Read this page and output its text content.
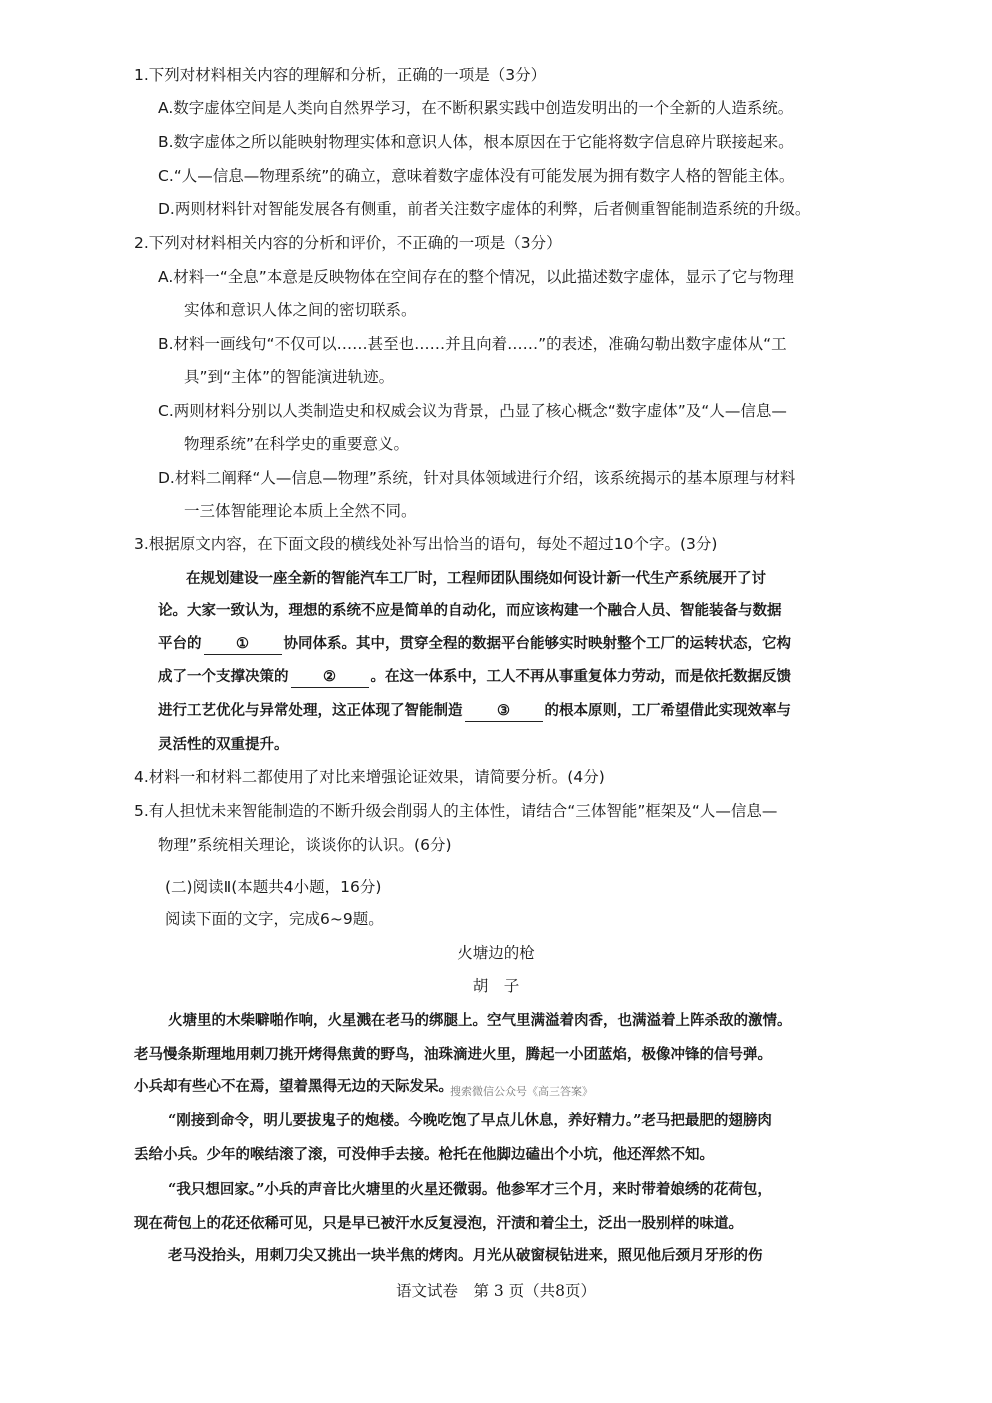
1.下列对材料相关内容的理解和分析，正确的一项是（3分）
A.数字虚体空间是人类向自然界学习，在不断积累实践中创造发明出的一个全新的人造系统。
B.数字虚体之所以能映射物理实体和意识人体，根本原因在于它能将数字信息碎片联接起来。
C.“人—信息—物理系统”的确立，意味着数字虚体没有可能发展为拥有数字人格的智能主体。
D.两则材料针对智能发展各有侧重，前者关注数字虚体的利弊，后者侧重智能制造系统的升级。
2.下列对材料相关内容的分析和评价，不正确的一项是（3分）
A.材料一“全息”本意是反映物体在空间存在的整个情况，以此描述数字虚体，显示了它与物理
实体和意识人体之间的密切联系。
B.材料一画线句“不仅可以……甚至也……并且向着……”的表述，准确勾勒出数字虚体从“工
具”到“主体”的智能演进轨迹。
C.两则材料分别以人类制造史和权威会议为背景，凸显了核心概念“数字虚体”及“人—信息—
物理系统”在科学史的重要意义。
D.材料二阐释“人—信息—物理”系统，针对具体领域进行介绍，该系统揭示的基本原理与材料
一三体智能理论本质上全然不同。
3.根据原文内容，在下面文段的横线处补写出恰当的语句，每处不超过10个字。(3分)
在规划建设一座全新的智能汽车工厂时，工程师团队围绕如何设计新一代生产系统展开了讨
论。大家一致认为，理想的系统不应是简单的自动化，而应该构建一个融合人员、智能装备与数据
平台的 ① 协同体系。其中，贯穿全程的数据平台能够实时映射整个工厂的运转状态，它构
成了一个支撑决策的 ② 。在这一体系中，工人不再从事重复体力劳动，而是依托数据反馈
进行工艺优化与异常处理，这正体现了智能制造 ③ 的根本原则，工厂希望借此实现效率与
灵活性的双重提升。
4.材料一和材料二都使用了对比来增强论证效果，请简要分析。(4分)
5.有人担忧未来智能制造的不断升级会削弱人的主体性，请结合“三体智能”框架及“人—信息—
物理”系统相关理论，谈谈你的认识。(6分)
(二)阅读Ⅱ(本题共4小题，16分)
阅读下面的文字，完成6~9题。
火塘边的枪
胡　子
火塘里的木柴噼啪作响，火星溅在老马的绑腿上。空气里满溢着肉香，也满溢着上阵杀敌的激情。
老马慢条斯理地用刺刀挑开烤得焦黄的野鸟，油珠滴进火里，腾起一小团蓝焰，极像冲锋的信号弹。
小兵却有些心不在焉，望着黑得无边的天际发呆。
搜索微信公众号《高三答案》
“刚接到命令，明儿要拔鬼子的炮楼。今晚吃饱了早点儿休息，养好精力。”老马把最肥的翅膀肉
丢给小兵。少年的喉结滚了滚，可没伸手去接。枪托在他脚边磕出个小坑，他还浑然不知。
“我只想回家。”小兵的声音比火塘里的火星还微弱。他参军才三个月，来时带着娘绣的花荷包，
现在荷包上的花还依稀可见，只是早已被汗水反复浸泡，汗渍和着尘土，泛出一股别样的味道。
老马没抬头，用刺刀尖又挑出一块半焦的烤肉。月光从破窗棂钻进来，照见他后颈月牙形的伤
语文试卷　第 3 页（共8页）
